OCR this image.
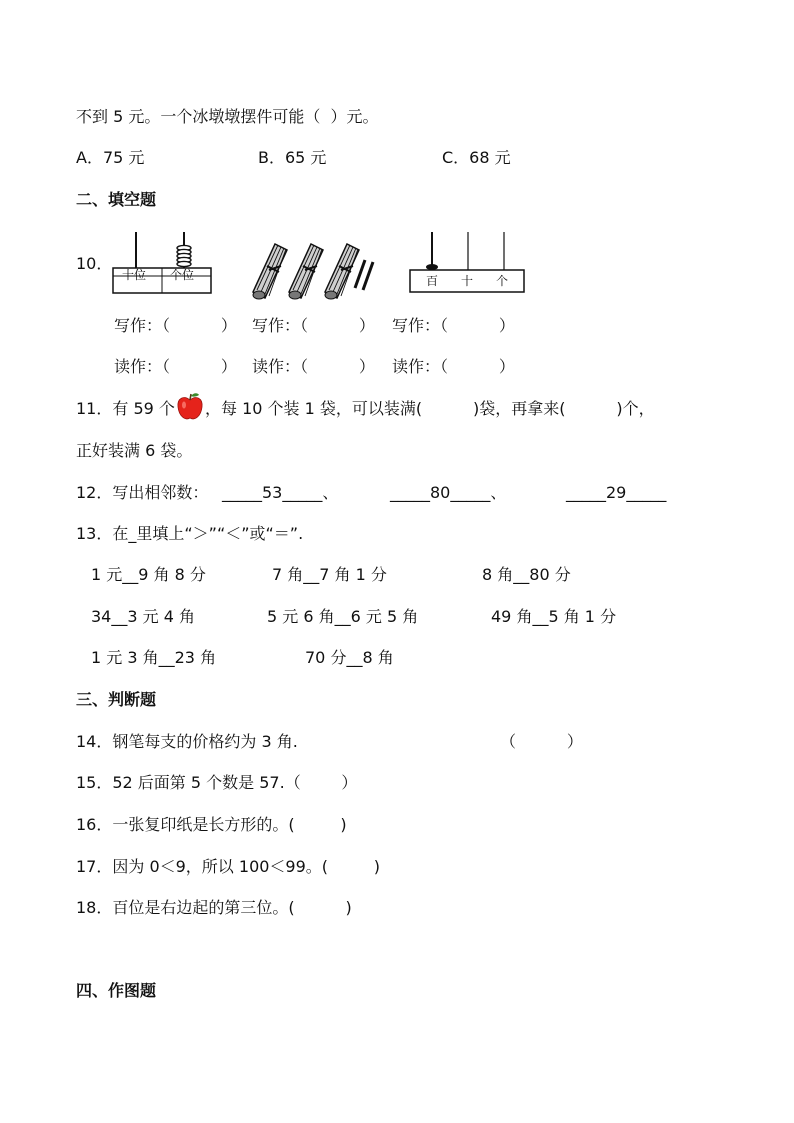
不到 5 元。一个冰墩墩摆件可能（  ）元。
A．75 元	B．65 元	C．68 元
二、填空题
10．
十位 个位	百 十 个
写作：（          ） 写作：（          ） 写作：（          ）
读作：（          ） 读作：（          ） 读作：（          ）
11．有 59 个 ，每 10 个装 1 袋，可以装满(          )袋，再拿来(          )个，
正好装满 6 袋。
12．写出相邻数： _____53_____、	_____80_____、	_____29_____
13．在_里填上“＞”“＜”或“＝”.
1 元__9 角 8 分	7 角__7 角 1 分	8 角__80 分
34__3 元 4 角	5 元 6 角__6 元 5 角	49 角__5 角 1 分
1 元 3 角__23 角	70 分__8 角
三、判断题
14．钢笔每支的价格约为 3 角.	（          ）
15．52 后面第 5 个数是 57.（        ）
16．一张复印纸是长方形的。(         )
17．因为 0＜9，所以 100＜99。(         )
18．百位是右边起的第三位。(          )
四、作图题
